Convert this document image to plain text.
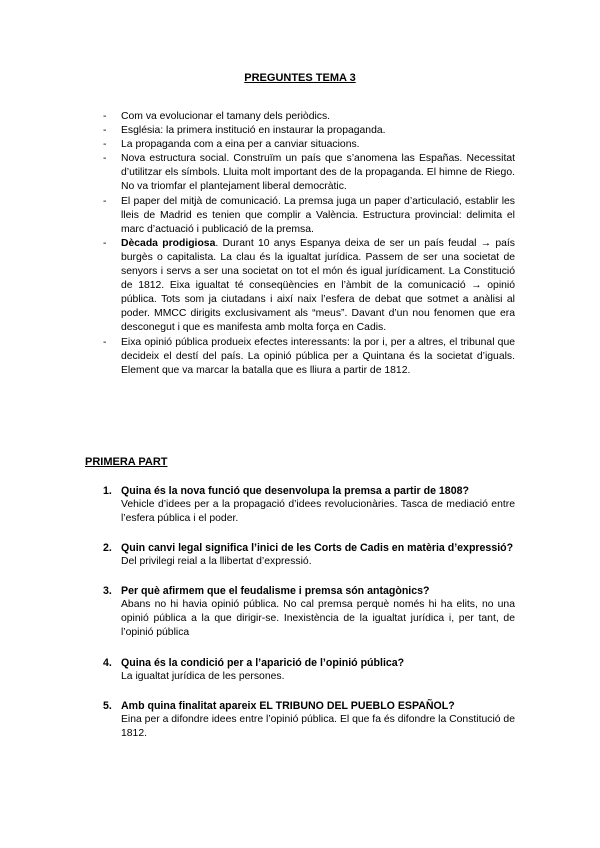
PREGUNTES TEMA 3
- Com va evolucionar el tamany dels periòdics.
- Església: la primera institució en instaurar la propaganda.
- La propaganda com a eina per a canviar situacions.
- Nova estructura social. Construïm un país que s’anomena las Españas. Necessitat d’utilitzar els símbols. Lluita molt important des de la propaganda. El himne de Riego. No va triomfar el plantejament liberal democràtic.
- El paper del mitjà de comunicació. La premsa juga un paper d’articulació, establir les lleis de Madrid es tenien que complir a València. Estructura provincial: delimita el marc d’actuació i publicació de la premsa.
- Dècada prodigiosa. Durant 10 anys Espanya deixa de ser un país feudal → país burgès o capitalista. La clau és la igualtat jurídica. Passem de ser una societat de senyors i servs a ser una societat on tot el món és igual jurídicament. La Constitució de 1812. Eixa igualtat té conseqüències en l’àmbit de la comunicació → opinió pública. Tots som ja ciutadans i així naix l’esfera de debat que sotmet a anàlisi al poder. MMCC dirigits exclusivament als “meus”. Davant d’un nou fenomen que era desconegut i que es manifesta amb molta força en Cadis.
- Eixa opinió pública produeix efectes interessants: la por i, per a altres, el tribunal que decideix el destí del país. La opinió pública per a Quintana és la societat d’iguals. Element que va marcar la batalla que es lliura a partir de 1812.
PRIMERA PART
1. Quina és la nova funció que desenvolupa la premsa a partir de 1808?
Vehicle d’idees per a la propagació d’idees revolucionàries. Tasca de mediació entre l’esfera pública i el poder.
2. Quin canvi legal significa l’inici de les Corts de Cadis en matèria d’expressió?
Del privilegi reial a la llibertat d’expressió.
3. Per què afirmem que el feudalisme i premsa són antagònics?
Abans no hi havia opinió pública. No cal premsa perquè només hi ha elits, no una opinió pública a la que dirigir-se. Inexistència de la igualtat jurídica i, per tant, de l’opinió pública
4. Quina és la condició per a l’aparició de l’opinió pública?
La igualtat jurídica de les persones.
5. Amb quina finalitat apareix EL TRIBUNO DEL PUEBLO ESPAÑOL?
Eina per a difondre idees entre l’opinió pública. El que fa és difondre la Constitució de 1812.
